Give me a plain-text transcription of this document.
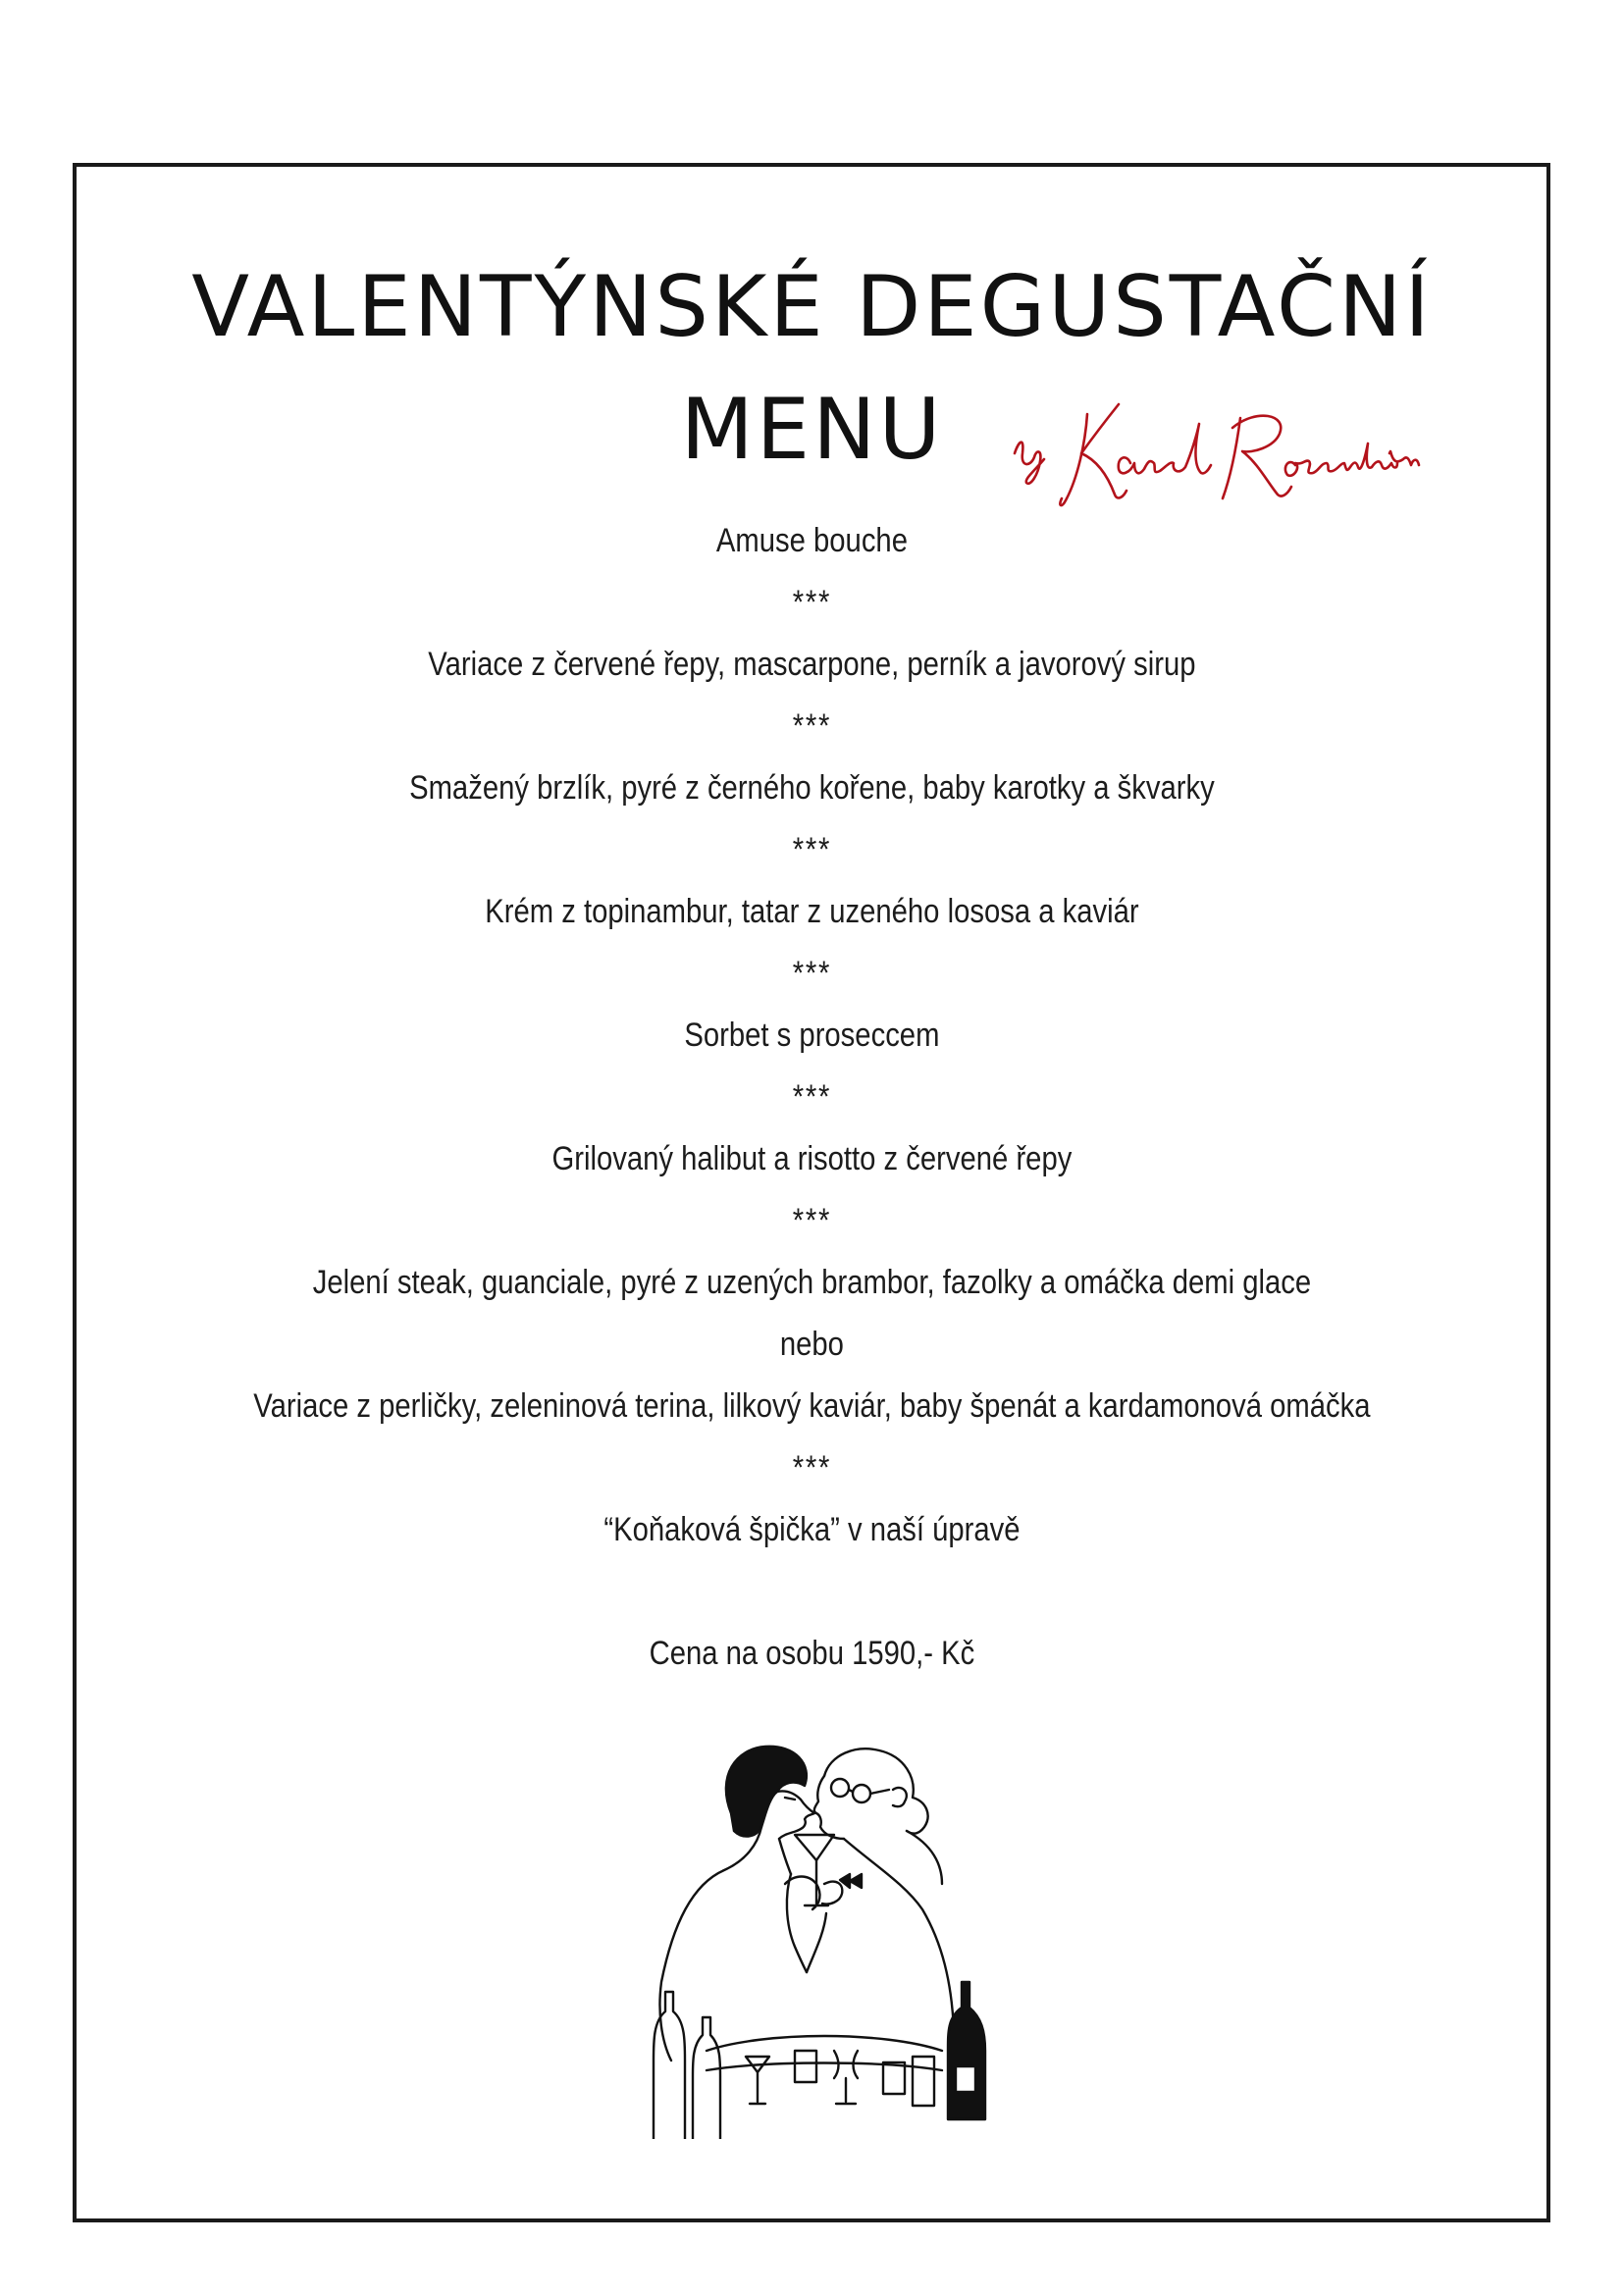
VALENTÝNSKÉ DEGUSTAČNÍ
MENU
Amuse bouche
***
Variace z červené řepy, mascarpone, perník a javorový sirup
***
Smažený brzlík, pyré z černého kořene, baby karotky a škvarky
***
Krém z topinambur, tatar z uzeného lososa a kaviár
***
Sorbet s proseccem
***
Grilovaný halibut a risotto z červené řepy
***
Jelení steak, guanciale, pyré z uzených brambor, fazolky a omáčka demi glace
nebo
Variace z perličky, zeleninová terina, lilkový kaviár, baby špenát a kardamonová omáčka
***
“Koňaková špička” v naší úpravě
Cena na osobu 1590,- Kč
